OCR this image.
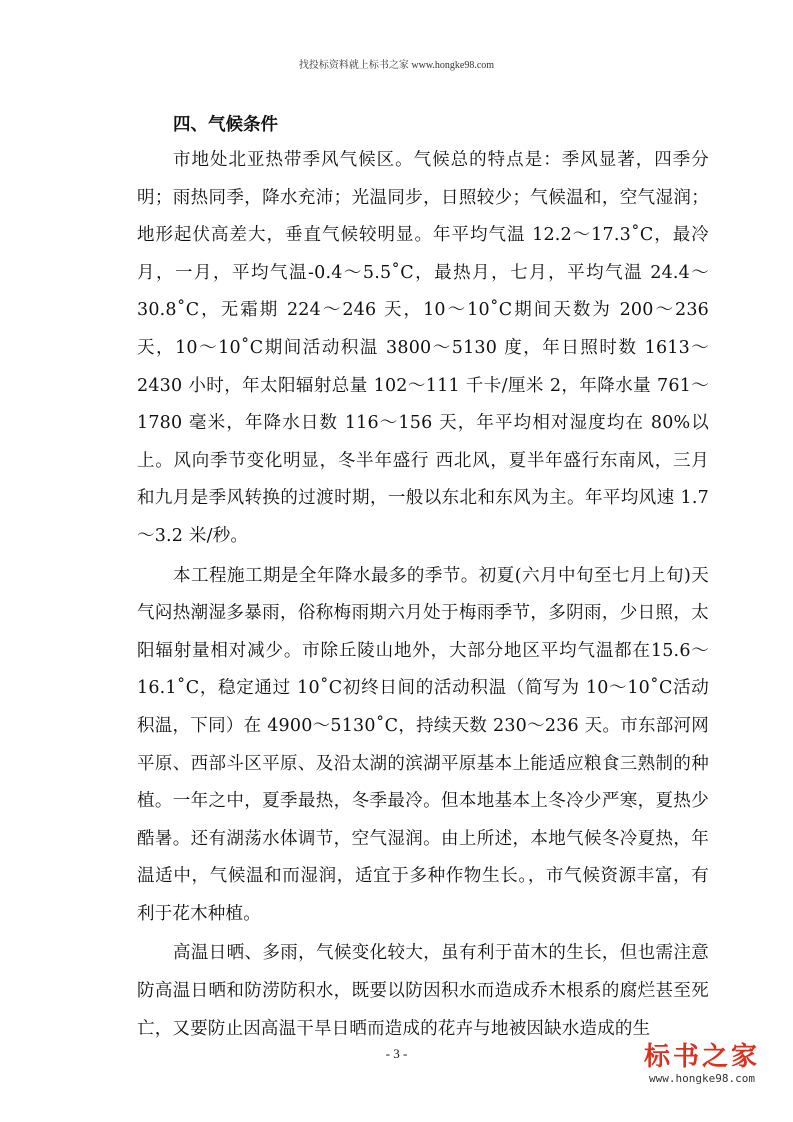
找投标资料就上标书之家 www.hongke98.com
四、气候条件

市地处北亚热带季风气候区。气候总的特点是：季风显著，四季分明；雨热同季，降水充沛；光温同步，日照较少；气候温和，空气湿润；地形起伏高差大，垂直气候较明显。年平均气温 12.2～17.3˚C，最冷月，一月，平均气温-0.4～5.5˚C，最热月，七月，平均气温 24.4～30.8˚C，无霜期 224～246 天，10～10˚C期间天数为 200～236 天，10～10˚C期间活动积温 3800～5130 度，年日照时数 1613～2430 小时，年太阳辐射总量 102～111 千卡/厘米 2，年降水量 761～1780 毫米，年降水日数 116～156 天，年平均相对湿度均在 80%以上。风向季节变化明显，冬半年盛行 西北风，夏半年盛行东南风，三月和九月是季风转换的过渡时期，一般以东北和东风为主。年平均风速 1.7～3.2 米/秒。

本工程施工期是全年降水最多的季节。初夏(六月中旬至七月上旬)天气闷热潮湿多暴雨，俗称梅雨期六月处于梅雨季节，多阴雨，少日照，太阳辐射量相对减少。市除丘陵山地外，大部分地区平均气温都在15.6～16.1˚C，稳定通过 10˚C初终日间的活动积温（简写为 10～10˚C活动积温，下同）在 4900～5130˚C，持续天数 230～236 天。市东部河网平原、西部斗区平原、及沿太湖的滨湖平原基本上能适应粮食三熟制的种植。一年之中，夏季最热，冬季最冷。但本地基本上冬冷少严寒，夏热少酷暑。还有湖荡水体调节，空气湿润。由上所述，本地气候冬冷夏热，年温适中，气候温和而湿润，适宜于多种作物生长。，市气候资源丰富，有利于花木种植。

高温日晒、多雨，气候变化较大，虽有利于苗木的生长，但也需注意防高温日晒和防涝防积水，既要以防因积水而造成乔木根系的腐烂甚至死亡，又要防止因高温干旱日晒而造成的花卉与地被因缺水造成的生

- 3 -	标书之家
www.hongke98.com
